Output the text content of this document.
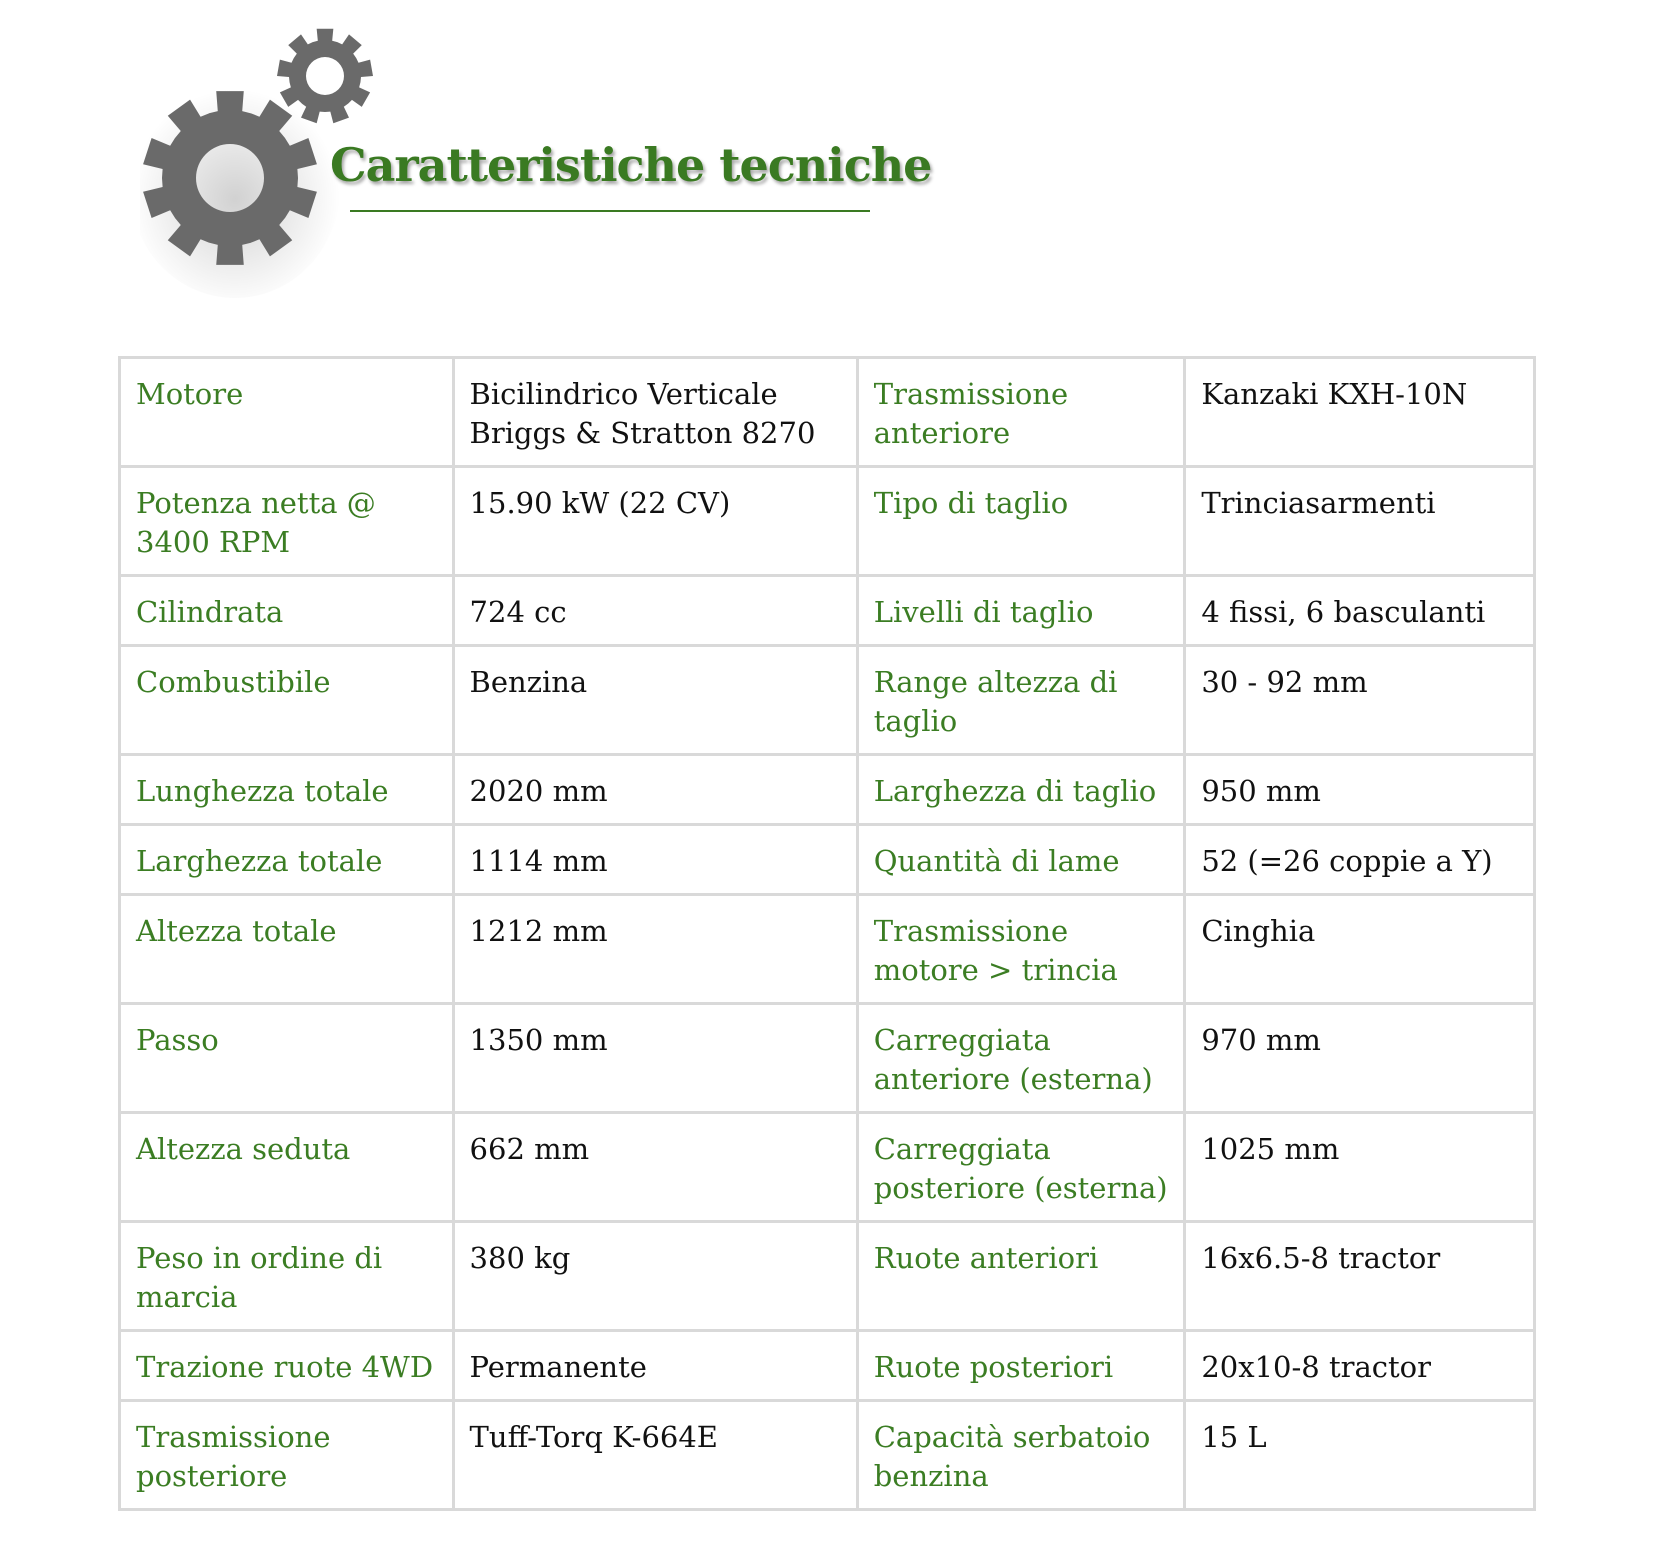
Caratteristiche tecniche
Motore	Bicilindrico Verticale Briggs & Stratton 8270	Trasmissione anteriore	Kanzaki KXH-10N
Potenza netta @ 3400 RPM	15.90 kW (22 CV)	Tipo di taglio	Trinciasarmenti
Cilindrata	724 cc	Livelli di taglio	4 fissi, 6 basculanti
Combustibile	Benzina	Range altezza di taglio	30 - 92 mm
Lunghezza totale	2020 mm	Larghezza di taglio	950 mm
Larghezza totale	1114 mm	Quantità di lame	52 (=26 coppie a Y)
Altezza totale	1212 mm	Trasmissione motore > trincia	Cinghia
Passo	1350 mm	Carreggiata anteriore (esterna)	970 mm
Altezza seduta	662 mm	Carreggiata posteriore (esterna)	1025 mm
Peso in ordine di marcia	380 kg	Ruote anteriori	16x6.5-8 tractor
Trazione ruote 4WD	Permanente	Ruote posteriori	20x10-8 tractor
Trasmissione posteriore	Tuff-Torq K-664E	Capacità serbatoio benzina	15 L
